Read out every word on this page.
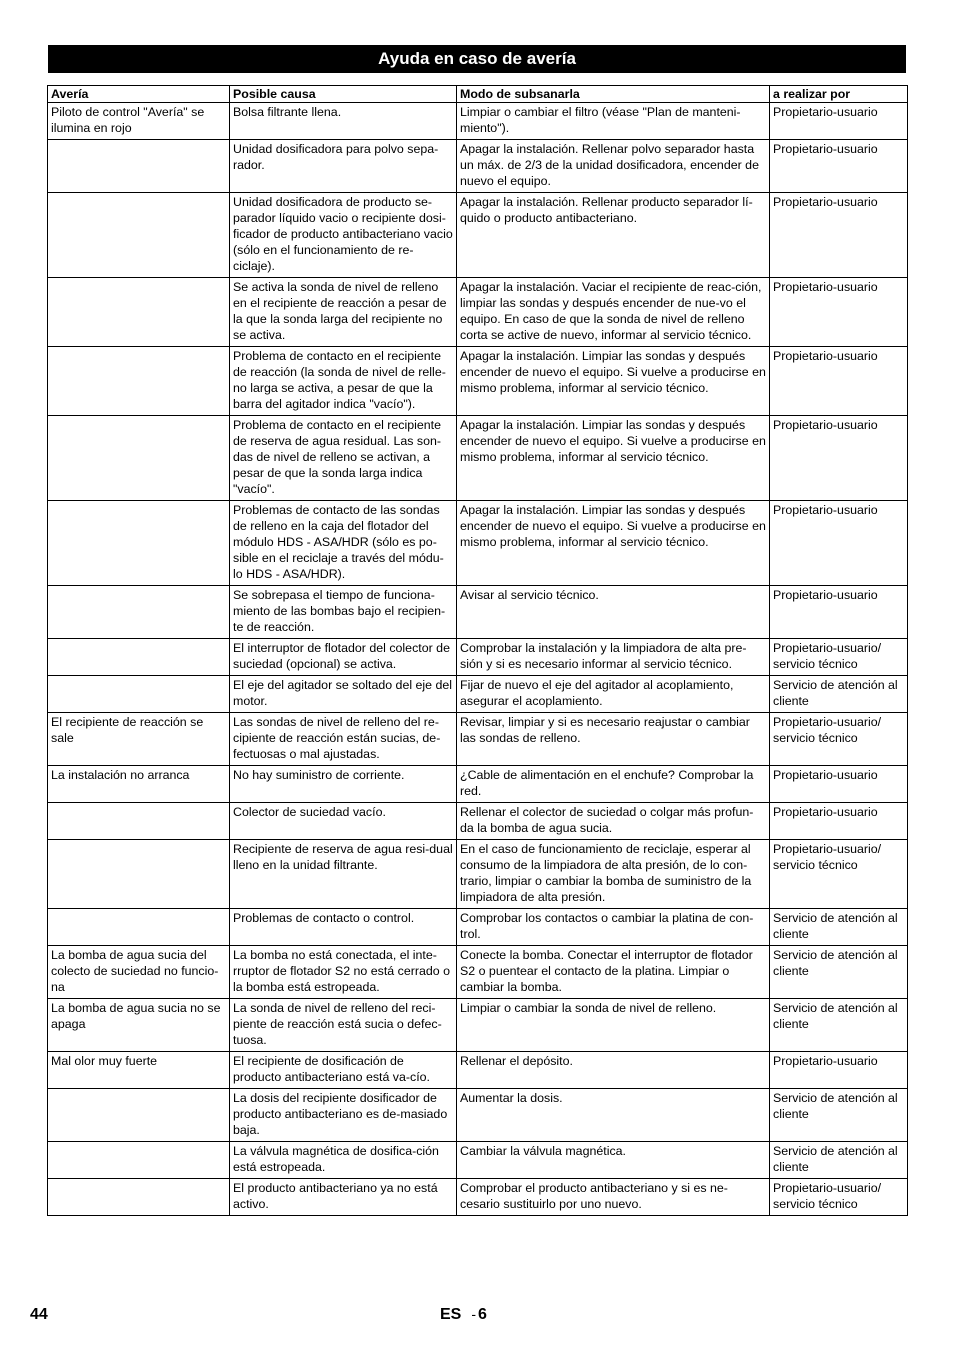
Ayuda en caso de avería
Avería	Posible causa	Modo de subsanarla	a realizar por
Piloto de control "Avería" se ilumina en rojo	Bolsa filtrante llena.	Limpiar o cambiar el filtro (véase "Plan de manteni-miento").	Propietario-usuario
	Unidad dosificadora para polvo sepa-rador.	Apagar la instalación. Rellenar polvo separador hasta un máx. de 2/3 de la unidad dosificadora, encender de nuevo el equipo.	Propietario-usuario
	Unidad dosificadora de producto se-parador líquido vacio o recipiente dosi-ficador de producto antibacteriano vacio (sólo en el funcionamiento de re-ciclaje).	Apagar la instalación. Rellenar producto separador lí-quido o producto antibacteriano.	Propietario-usuario
	Se activa la sonda de nivel de relleno en el recipiente de reacción a pesar de la que la sonda larga del recipiente no se activa.	Apagar la instalación. Vaciar el recipiente de reac-ción, limpiar las sondas y después encender de nue-vo el equipo. En caso de que la sonda de nivel de relleno corta se active de nuevo, informar al servicio técnico.	Propietario-usuario
	Problema de contacto en el recipiente de reacción (la sonda de nivel de relle-no larga se activa, a pesar de que la barra del agitador indica "vacío").	Apagar la instalación. Limpiar las sondas y después encender de nuevo el equipo. Si vuelve a producirse en mismo problema, informar al servicio técnico.	Propietario-usuario
	Problema de contacto en el recipiente de reserva de agua residual. Las son-das de nivel de relleno se activan, a pesar de que la sonda larga indica "vacío".	Apagar la instalación. Limpiar las sondas y después encender de nuevo el equipo. Si vuelve a producirse en mismo problema, informar al servicio técnico.	Propietario-usuario
	Problemas de contacto de las sondas de relleno en la caja del flotador del módulo HDS - ASA/HDR (sólo es po-sible en el reciclaje a través del módu-lo HDS - ASA/HDR).	Apagar la instalación. Limpiar las sondas y después encender de nuevo el equipo. Si vuelve a producirse en mismo problema, informar al servicio técnico.	Propietario-usuario
	Se sobrepasa el tiempo de funciona-miento de las bombas bajo el recipien-te de reacción.	Avisar al servicio técnico.	Propietario-usuario
	El interruptor de flotador del colector de suciedad (opcional) se activa.	Comprobar la instalación y la limpiadora de alta pre-sión y si es necesario informar al servicio técnico.	Propietario-usuario/ servicio técnico
	El eje del agitador se soltado del eje del motor.	Fijar de nuevo el eje del agitador al acoplamiento, asegurar el acoplamiento.	Servicio de atención al cliente
El recipiente de reacción se sale	Las sondas de nivel de relleno del re-cipiente de reacción están sucias, de-fectuosas o mal ajustadas.	Revisar, limpiar y si es necesario reajustar o cambiar las sondas de relleno.	Propietario-usuario/ servicio técnico
La instalación no arranca	No hay suministro de corriente.	¿Cable de alimentación en el enchufe? Comprobar la red.	Propietario-usuario
	Colector de suciedad vacío.	Rellenar el colector de suciedad o colgar más profun-da la bomba de agua sucia.	Propietario-usuario
	Recipiente de reserva de agua resi-dual lleno en la unidad filtrante.	En el caso de funcionamiento de reciclaje, esperar al consumo de la limpiadora de alta presión, de lo con-trario, limpiar o cambiar la bomba de suministro de la limpiadora de alta presión.	Propietario-usuario/ servicio técnico
	Problemas de contacto o control.	Comprobar los contactos o cambiar la platina de con-trol.	Servicio de atención al cliente
La bomba de agua sucia del colecto de suciedad no funcio-na	La bomba no está conectada, el inte-rruptor de flotador S2 no está cerrado o la bomba está estropeada.	Conecte la bomba. Conectar el interruptor de flotador S2 o puentear el contacto de la platina. Limpiar o cambiar la bomba.	Servicio de atención al cliente
La bomba de agua sucia no se apaga	La sonda de nivel de relleno del reci-piente de reacción está sucia o defec-tuosa.	Limpiar o cambiar la sonda de nivel de relleno.	Servicio de atención al cliente
Mal olor muy fuerte	El recipiente de dosificación de producto antibacteriano está va-cío.	Rellenar el depósito.	Propietario-usuario
	La dosis del recipiente dosificador de producto antibacteriano es de-masiado baja.	Aumentar la dosis.	Servicio de atención al cliente
	La válvula magnética de dosifica-ción está estropeada.	Cambiar la válvula magnética.	Servicio de atención al cliente
	El producto antibacteriano ya no está activo.	Comprobar el producto antibacteriano y si es ne-cesario sustituirlo por uno nuevo.	Propietario-usuario/ servicio técnico
44	ES - 6
